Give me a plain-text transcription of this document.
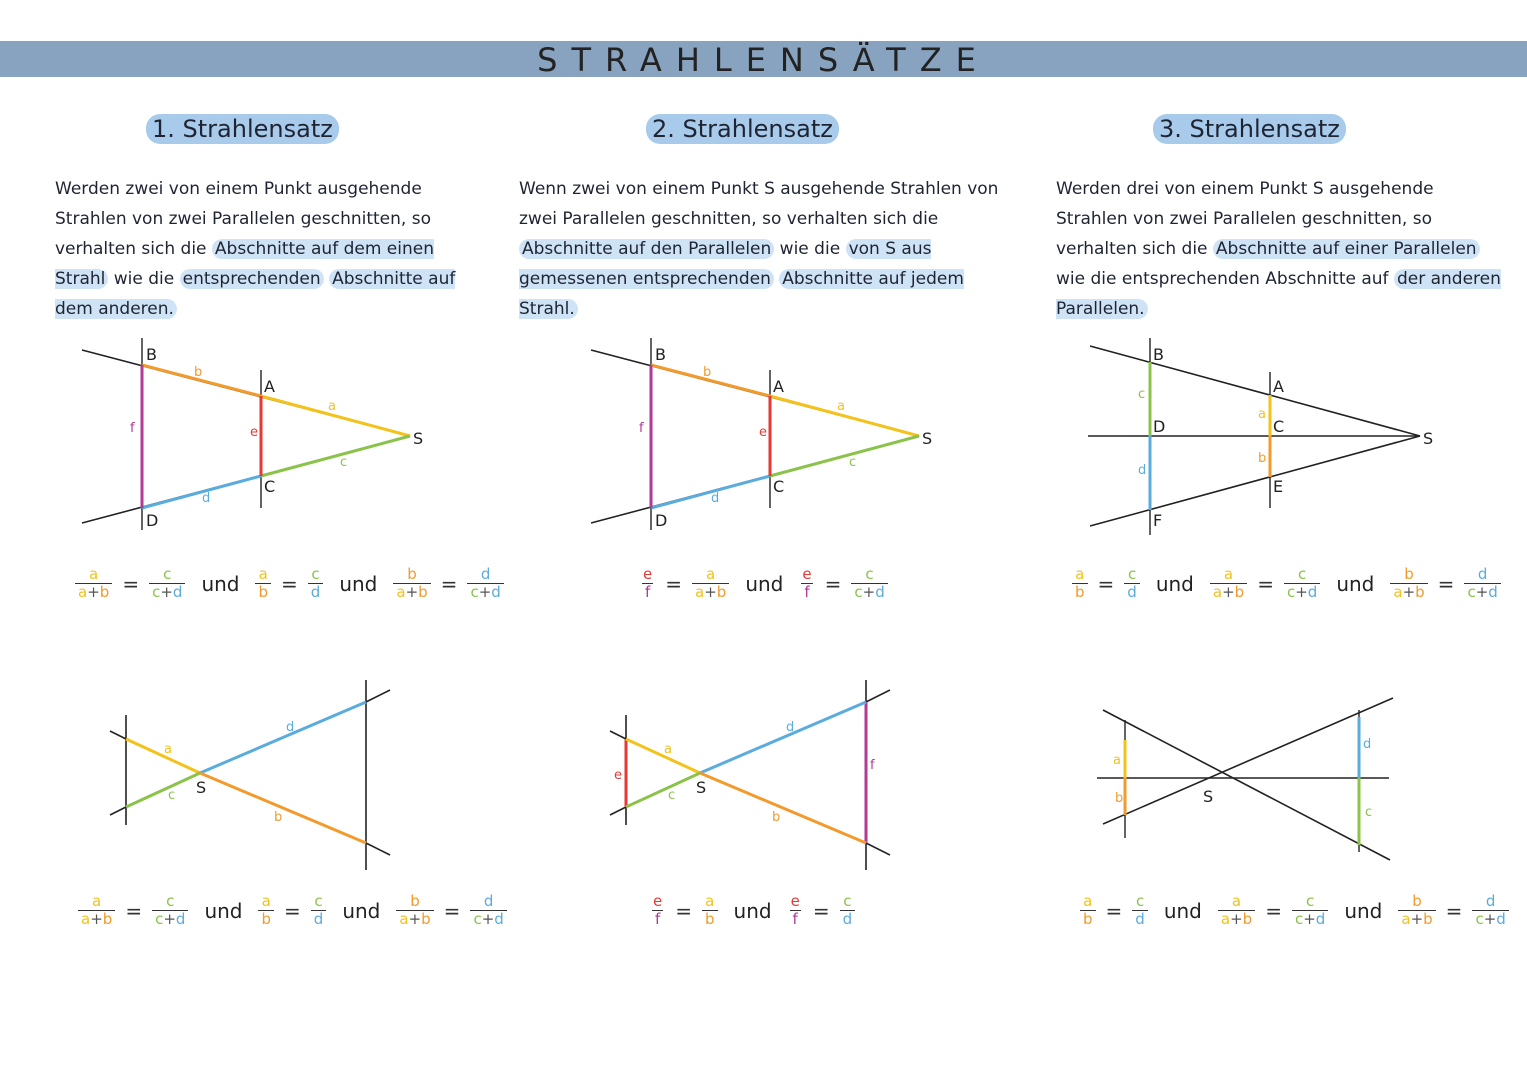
STRAHLENSÄTZE
1. Strahlensatz	2. Strahlensatz	3. Strahlensatz
Werden zwei von einem Punkt ausgehende Strahlen von zwei Parallelen geschnitten, so verhalten sich die Abschnitte auf dem einen Strahl wie die entsprechenden Abschnitte auf dem anderen.
Wenn zwei von einem Punkt S ausgehende Strahlen von zwei Parallelen geschnitten, so verhalten sich die Abschnitte auf den Parallelen wie die von S aus gemessenen entsprechenden Abschnitte auf jedem Strahl.
Werden drei von einem Punkt S ausgehende Strahlen von zwei Parallelen geschnitten, so verhalten sich die Abschnitte auf einer Parallelen wie die entsprechenden Abschnitte auf der anderen Parallelen.
B
A
S
C
D
b
a
c
d
e
f
B
A
S
C
D
b
a
c
d
e
f
B
A
S
C
D
E
F
a
b
c
d
$\frac{a}{a+b} = \frac{c}{c+d}$ und	$\frac{a}{b} = \frac{c}{d}$ und	$\frac{b}{a+b} = \frac{d}{c+d}$	$\frac{e}{f} = \frac{a}{a+b}$ und	$\frac{e}{f} = \frac{c}{c+d}$	$\frac{a}{b} = \frac{c}{d}$ und	$\frac{a}{a+b} = \frac{c}{c+d}$ und	$\frac{b}{a+b} = \frac{d}{c+d}$
S
a
c
d
b
S
a
c
d
b
e
f
S
a
b
d
c
$\frac{a}{a+b} = \frac{c}{c+d}$ und	$\frac{a}{b} = \frac{c}{d}$ und	$\frac{b}{a+b} = \frac{d}{c+d}$	$\frac{e}{f} = \frac{a}{b}$ und	$\frac{e}{f} = \frac{c}{d}$	$\frac{a}{b} = \frac{c}{d}$ und	$\frac{a}{a+b} = \frac{c}{c+d}$ und	$\frac{b}{a+b} = \frac{d}{c+d}$
